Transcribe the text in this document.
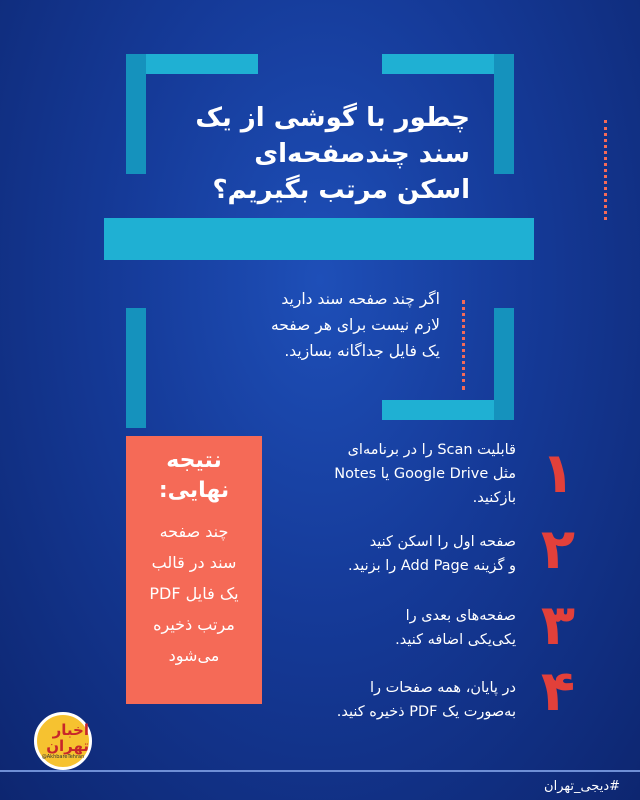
چطور با گوشی از یک
سند چندصفحه‌ای
اسکن مرتب بگیریم؟
اگر چند صفحه سند دارید
لازم نیست برای هر صفحه
یک فایل جداگانه بسازید.
نتیجه
نهایی:
چند صفحه
سند در قالب
یک فایل PDF
مرتب ذخیره
می‌شود
۱
قابلیت Scan را در برنامه‌ای
مثل Google Drive یا Notes
بازکنید.
۲
صفحه اول را اسکن کنید
و گزینه Add Page را بزنید.
۳
صفحه‌های بعدی را
یکی‌یکی اضافه کنید.
۴
در پایان، همه صفحات را
به‌صورت یک PDF ذخیره کنید.
اخبار تهران
@AkhbareTehran
#دیجی_تهران
